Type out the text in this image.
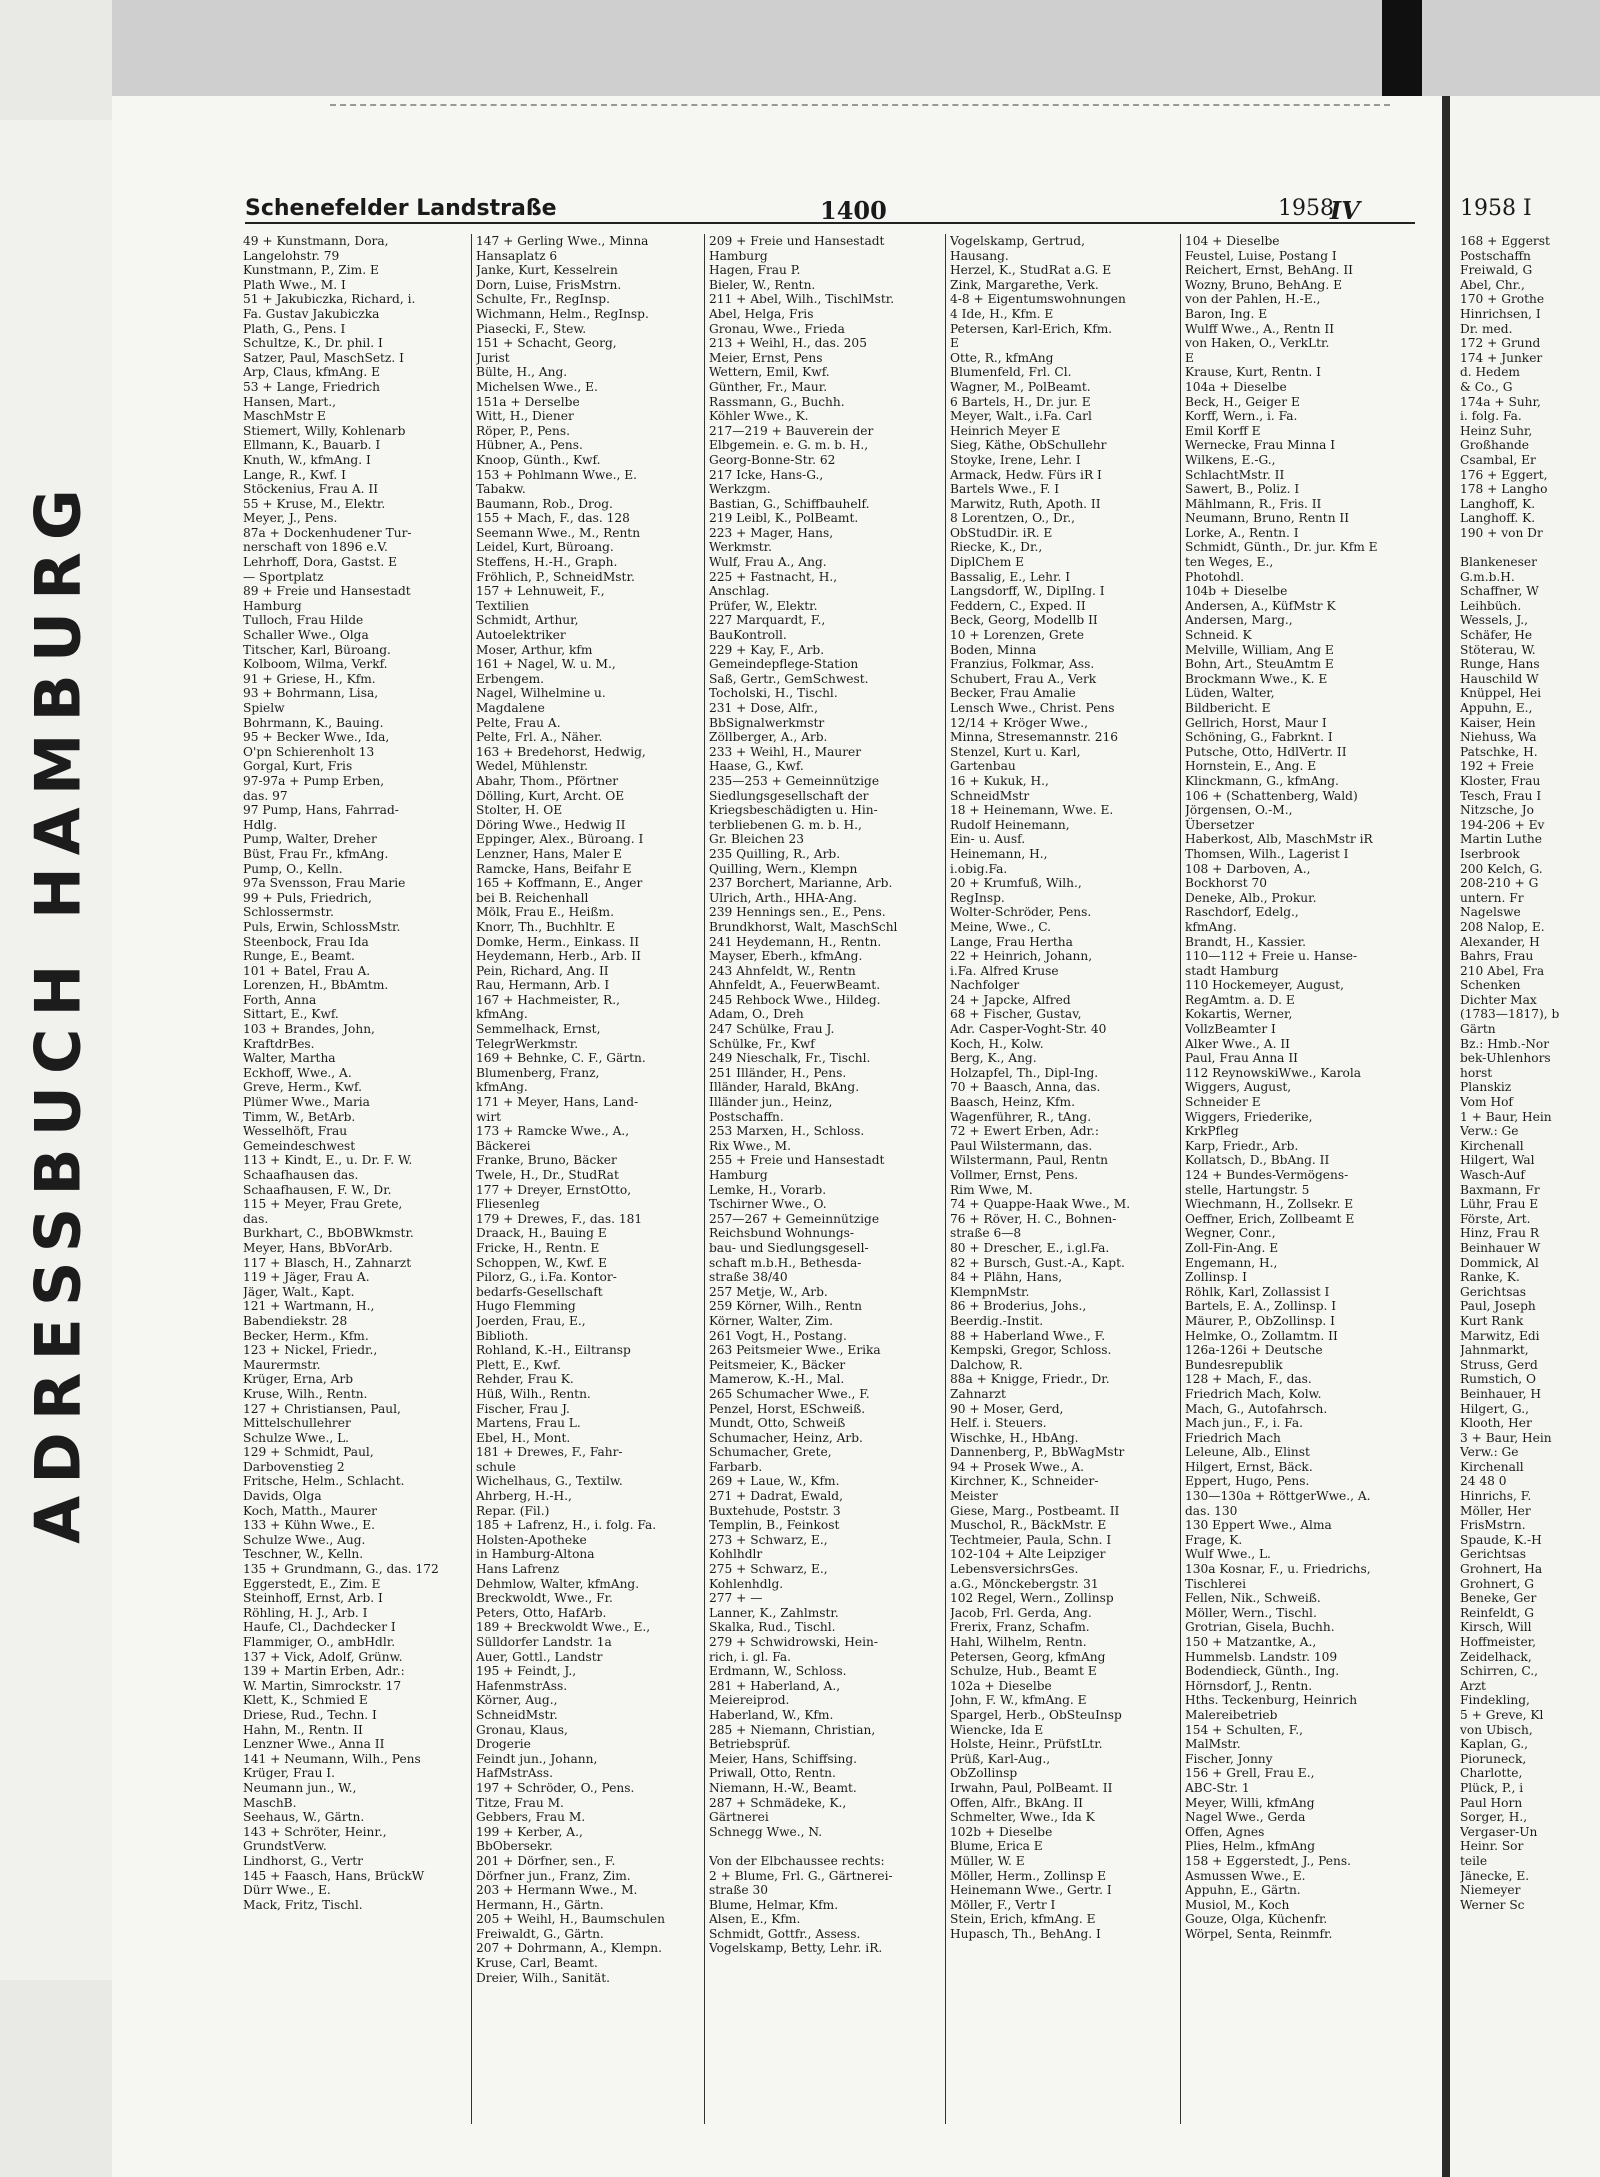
ADRESSBUCH HAMBURG
Schenefelder Landstraße	1400	1958
IV

49 + Kunstmann, Dora,

Langelohstr. 79

Kunstmann, P., Zim. E

Plath Wwe., M. I

51 + Jakubiczka, Richard, i.

Fa. Gustav Jakubiczka

Plath, G., Pens. I

Schultze, K., Dr. phil. I

Satzer, Paul, MaschSetz. I

Arp, Claus, kfmAng. E

53 + Lange, Friedrich

Hansen, Mart.,

MaschMstr E

Stiemert, Willy, Kohlenarb

Ellmann, K., Bauarb. I

Knuth, W., kfmAng. I

Lange, R., Kwf. I

Stöckenius, Frau A. II

55 + Kruse, M., Elektr.

Meyer, J., Pens.

87a + Dockenhudener Tur-

nerschaft von 1896 e.V.

Lehrhoff, Dora, Gastst. E

— Sportplatz

89 + Freie und Hansestadt

Hamburg

Tulloch, Frau Hilde

Schaller Wwe., Olga

Titscher, Karl, Büroang.

Kolboom, Wilma, Verkf.

91 + Griese, H., Kfm.

93 + Bohrmann, Lisa,

Spielw

Bohrmann, K., Bauing.

95 + Becker Wwe., Ida,

O'pn Schierenholt 13

Gorgal, Kurt, Fris

97-97a + Pump Erben,

das. 97

97 Pump, Hans, Fahrrad-

Hdlg.

Pump, Walter, Dreher

Büst, Frau Fr., kfmAng.

Pump, O., Kelln.

97a Svensson, Frau Marie

99 + Puls, Friedrich,

Schlossermstr.

Puls, Erwin, SchlossMstr.

Steenbock, Frau Ida

Runge, E., Beamt.

101 + Batel, Frau A.

Lorenzen, H., BbAmtm.

Forth, Anna

Sittart, E., Kwf.

103 + Brandes, John,

KraftdrBes.

Walter, Martha

Eckhoff, Wwe., A.

Greve, Herm., Kwf.

Plümer Wwe., Maria

Timm, W., BetArb.

Wesselhöft, Frau

Gemeindeschwest

113 + Kindt, E., u. Dr. F. W.

Schaafhausen das.

Schaafhausen, F. W., Dr.

115 + Meyer, Frau Grete,

das.

Burkhart, C., BbOBWkmstr.

Meyer, Hans, BbVorArb.

117 + Blasch, H., Zahnarzt

119 + Jäger, Frau A.

Jäger, Walt., Kapt.

121 + Wartmann, H.,

Babendiekstr. 28

Becker, Herm., Kfm.

123 + Nickel, Friedr.,

Maurermstr.

Krüger, Erna, Arb

Kruse, Wilh., Rentn.

127 + Christiansen, Paul,

Mittelschullehrer

Schulze Wwe., L.

129 + Schmidt, Paul,

Darbovenstieg 2

Fritsche, Helm., Schlacht.

Davids, Olga

Koch, Matth., Maurer

133 + Kühn Wwe., E.

Schulze Wwe., Aug.

Teschner, W., Kelln.

135 + Grundmann, G., das. 172

Eggerstedt, E., Zim. E

Steinhoff, Ernst, Arb. I

Röhling, H. J., Arb. I

Haufe, Cl., Dachdecker I

Flammiger, O., ambHdlr.

137 + Vick, Adolf, Grünw.

139 + Martin Erben, Adr.:

W. Martin, Simrockstr. 17

Klett, K., Schmied E

Driese, Rud., Techn. I

Hahn, M., Rentn. II

Lenzner Wwe., Anna II

141 + Neumann, Wilh., Pens

Krüger, Frau I.

Neumann jun., W.,

MaschB.

Seehaus, W., Gärtn.

143 + Schröter, Heinr.,

GrundstVerw.

Lindhorst, G., Vertr

145 + Faasch, Hans, BrückW

Dürr Wwe., E.

Mack, Fritz, Tischl.

147 + Gerling Wwe., Minna

Hansaplatz 6

Janke, Kurt, Kesselrein

Dorn, Luise, FrisMstrn.

Schulte, Fr., RegInsp.

Wichmann, Helm., RegInsp.

Piasecki, F., Stew.

151 + Schacht, Georg,

Jurist

Bülte, H., Ang.

Michelsen Wwe., E.

151a + Derselbe

Witt, H., Diener

Röper, P., Pens.

Hübner, A., Pens.

Knoop, Günth., Kwf.

153 + Pohlmann Wwe., E.

Tabakw.

Baumann, Rob., Drog.

155 + Mach, F., das. 128

Seemann Wwe., M., Rentn

Leidel, Kurt, Büroang.

Steffens, H.-H., Graph.

Fröhlich, P., SchneidMstr.

157 + Lehnuweit, F.,

Textilien

Schmidt, Arthur,

Autoelektriker

Moser, Arthur, kfm

161 + Nagel, W. u. M.,

Erbengem.

Nagel, Wilhelmine u.

Magdalene

Pelte, Frau A.

Pelte, Frl. A., Näher.

163 + Bredehorst, Hedwig,

Wedel, Mühlenstr.

Abahr, Thom., Pförtner

Dölling, Kurt, Archt. OE

Stolter, H. OE

Döring Wwe., Hedwig II

Eppinger, Alex., Büroang. I

Lenzner, Hans, Maler E

Ramcke, Hans, Beifahr E

165 + Koffmann, E., Anger

bei B. Reichenhall

Mölk, Frau E., Heißm.

Knorr, Th., Buchhltr. E

Domke, Herm., Einkass. II

Heydemann, Herb., Arb. II

Pein, Richard, Ang. II

Rau, Hermann, Arb. I

167 + Hachmeister, R.,

kfmAng.

Semmelhack, Ernst,

TelegrWerkmstr.

169 + Behnke, C. F., Gärtn.

Blumenberg, Franz,

kfmAng.

171 + Meyer, Hans, Land-

wirt

173 + Ramcke Wwe., A.,

Bäckerei

Franke, Bruno, Bäcker

Twele, H., Dr., StudRat

177 + Dreyer, ErnstOtto,

Fliesenleg

179 + Drewes, F., das. 181

Draack, H., Bauing E

Fricke, H., Rentn. E

Schoppen, W., Kwf. E

Pilorz, G., i.Fa. Kontor-

bedarfs-Gesellschaft

Hugo Flemming

Joerden, Frau, E.,

Biblioth.

Rohland, K.-H., Eiltransp

Plett, E., Kwf.

Rehder, Frau K.

Hüß, Wilh., Rentn.

Fischer, Frau J.

Martens, Frau L.

Ebel, H., Mont.

181 + Drewes, F., Fahr-

schule

Wichelhaus, G., Textilw.

Ahrberg, H.-H.,

Repar. (Fil.)

185 + Lafrenz, H., i. folg. Fa.

Holsten-Apotheke

in Hamburg-Altona

Hans Lafrenz

Dehmlow, Walter, kfmAng.

Breckwoldt, Wwe., Fr.

Peters, Otto, HafArb.

189 + Breckwoldt Wwe., E.,

Sülldorfer Landstr. 1a

Auer, Gottl., Landstr

195 + Feindt, J.,

HafenmstrAss.

Körner, Aug.,

SchneidMstr.

Gronau, Klaus,

Drogerie

Feindt jun., Johann,

HafMstrAss.

197 + Schröder, O., Pens.

Titze, Frau M.

Gebbers, Frau M.

199 + Kerber, A.,

BbObersekr.

201 + Dörfner, sen., F.

Dörfner jun., Franz, Zim.

203 + Hermann Wwe., M.

Hermann, H., Gärtn.

205 + Weihl, H., Baumschulen

Freiwaldt, G., Gärtn.

207 + Dohrmann, A., Klempn.

Kruse, Carl, Beamt.

Dreier, Wilh., Sanität.

209 + Freie und Hansestadt

Hamburg

Hagen, Frau P.

Bieler, W., Rentn.

211 + Abel, Wilh., TischlMstr.

Abel, Helga, Fris

Gronau, Wwe., Frieda

213 + Weihl, H., das. 205

Meier, Ernst, Pens

Wettern, Emil, Kwf.

Günther, Fr., Maur.

Rassmann, G., Buchh.

Köhler Wwe., K.

217—219 + Bauverein der

Elbgemein. e. G. m. b. H.,

Georg-Bonne-Str. 62

217 Icke, Hans-G.,

Werkzgm.

Bastian, G., Schiffbauhelf.

219 Leibl, K., PolBeamt.

223 + Mager, Hans,

Werkmstr.

Wulf, Frau A., Ang.

225 + Fastnacht, H.,

Anschlag.

Prüfer, W., Elektr.

227 Marquardt, F.,

BauKontroll.

229 + Kay, F., Arb.

Gemeindepflege-Station

Saß, Gertr., GemSchwest.

Tocholski, H., Tischl.

231 + Dose, Alfr.,

BbSignalwerkmstr

Zöllberger, A., Arb.

233 + Weihl, H., Maurer

Haase, G., Kwf.

235—253 + Gemeinnützige

Siedlungsgesellschaft der

Kriegsbeschädigten u. Hin-

terbliebenen G. m. b. H.,

Gr. Bleichen 23

235 Quilling, R., Arb.

Quilling, Wern., Klempn

237 Borchert, Marianne, Arb.

Ulrich, Arth., HHA-Ang.

239 Hennings sen., E., Pens.

Brundkhorst, Walt, MaschSchl

241 Heydemann, H., Rentn.

Mayser, Eberh., kfmAng.

243 Ahnfeldt, W., Rentn

Ahnfeldt, A., FeuerwBeamt.

245 Rehbock Wwe., Hildeg.

Adam, O., Dreh

247 Schülke, Frau J.

Schülke, Fr., Kwf

249 Nieschalk, Fr., Tischl.

251 Illänder, H., Pens.

Illänder, Harald, BkAng.

Illänder jun., Heinz,

Postschaffn.

253 Marxen, H., Schloss.

Rix Wwe., M.

255 + Freie und Hansestadt

Hamburg

Lemke, H., Vorarb.

Tschirner Wwe., O.

257—267 + Gemeinnützige

Reichsbund Wohnungs-

bau- und Siedlungsgesell-

schaft m.b.H., Bethesda-

straße 38/40

257 Metje, W., Arb.

259 Körner, Wilh., Rentn

Körner, Walter, Zim.

261 Vogt, H., Postang.

263 Peitsmeier Wwe., Erika

Peitsmeier, K., Bäcker

Mamerow, K.-H., Mal.

265 Schumacher Wwe., F.

Penzel, Horst, ESchweiß.

Mundt, Otto, Schweiß

Schumacher, Heinz, Arb.

Schumacher, Grete,

Farbarb.

269 + Laue, W., Kfm.

271 + Dadrat, Ewald,

Buxtehude, Poststr. 3

Templin, B., Feinkost

273 + Schwarz, E.,

Kohlhdlr

275 + Schwarz, E.,

Kohlenhdlg.

277 + —

Lanner, K., Zahlmstr.

Skalka, Rud., Tischl.

279 + Schwidrowski, Hein-

rich, i. gl. Fa.

Erdmann, W., Schloss.

281 + Haberland, A.,

Meiereiprod.

Haberland, W., Kfm.

285 + Niemann, Christian,

Betriebsprüf.

Meier, Hans, Schiffsing.

Priwall, Otto, Rentn.

Niemann, H.-W., Beamt.

287 + Schmädeke, K.,

Gärtnerei

Schnegg Wwe., N.

Von der Elbchaussee rechts:

2 + Blume, Frl. G., Gärtnerei-

straße 30

Blume, Helmar, Kfm.

Alsen, E., Kfm.

Schmidt, Gottfr., Assess.

Vogelskamp, Betty, Lehr. iR.

Vogelskamp, Gertrud,

Hausang.

Herzel, K., StudRat a.G. E

Zink, Margarethe, Verk.

4-8 + Eigentumswohnungen

4 Ide, H., Kfm. E

Petersen, Karl-Erich, Kfm.

E

Otte, R., kfmAng

Blumenfeld, Frl. Cl.

Wagner, M., PolBeamt.

6 Bartels, H., Dr. jur. E

Meyer, Walt., i.Fa. Carl

Heinrich Meyer E

Sieg, Käthe, ObSchullehr

Stoyke, Irene, Lehr. I

Armack, Hedw. Fürs iR I

Bartels Wwe., F. I

Marwitz, Ruth, Apoth. II

8 Lorentzen, O., Dr.,

ObStudDir. iR. E

Riecke, K., Dr.,

DiplChem E

Bassalig, E., Lehr. I

Langsdorff, W., DiplIng. I

Feddern, C., Exped. II

Beck, Georg, Modellb II

10 + Lorenzen, Grete

Boden, Minna

Franzius, Folkmar, Ass.

Schubert, Frau A., Verk

Becker, Frau Amalie

Lensch Wwe., Christ. Pens

12/14 + Kröger Wwe.,

Minna, Stresemannstr. 216

Stenzel, Kurt u. Karl,

Gartenbau

16 + Kukuk, H.,

SchneidMstr

18 + Heinemann, Wwe. E.

Rudolf Heinemann,

Ein- u. Ausf.

Heinemann, H.,

i.obig.Fa.

20 + Krumfuß, Wilh.,

RegInsp.

Wolter-Schröder, Pens.

Meine, Wwe., C.

Lange, Frau Hertha

22 + Heinrich, Johann,

i.Fa. Alfred Kruse

Nachfolger

24 + Japcke, Alfred

68 + Fischer, Gustav,

Adr. Casper-Voght-Str. 40

Koch, H., Kolw.

Berg, K., Ang.

Holzapfel, Th., Dipl-Ing.

70 + Baasch, Anna, das.

Baasch, Heinz, Kfm.

Wagenführer, R., tAng.

72 + Ewert Erben, Adr.:

Paul Wilstermann, das.

Wilstermann, Paul, Rentn

Vollmer, Ernst, Pens.

Rim Wwe, M.

74 + Quappe-Haak Wwe., M.

76 + Röver, H. C., Bohnen-

straße 6—8

80 + Drescher, E., i.gl.Fa.

82 + Bursch, Gust.-A., Kapt.

84 + Plähn, Hans,

KlempnMstr.

86 + Broderius, Johs.,

Beerdig.-Instit.

88 + Haberland Wwe., F.

Kempski, Gregor, Schloss.

Dalchow, R.

88a + Knigge, Friedr., Dr.

Zahnarzt

90 + Moser, Gerd,

Helf. i. Steuers.

Wischke, H., HbAng.

Dannenberg, P., BbWagMstr

94 + Prosek Wwe., A.

Kirchner, K., Schneider-

Meister

Giese, Marg., Postbeamt. II

Muschol, R., BäckMstr. E

Techtmeier, Paula, Schn. I

102-104 + Alte Leipziger

LebensversichrsGes.

a.G., Mönckebergstr. 31

102 Regel, Wern., Zollinsp

Jacob, Frl. Gerda, Ang.

Frerix, Franz, Schafm.

Hahl, Wilhelm, Rentn.

Petersen, Georg, kfmAng

Schulze, Hub., Beamt E

102a + Dieselbe

John, F. W., kfmAng. E

Spargel, Herb., ObSteuInsp

Wiencke, Ida E

Holste, Heinr., PrüfstLtr.

Prüß, Karl-Aug.,

ObZollinsp

Irwahn, Paul, PolBeamt. II

Offen, Alfr., BkAng. II

Schmelter, Wwe., Ida K

102b + Dieselbe

Blume, Erica E

Müller, W. E

Möller, Herm., Zollinsp E

Heinemann Wwe., Gertr. I

Möller, F., Vertr I

Stein, Erich, kfmAng. E

Hupasch, Th., BehAng. I

104 + Dieselbe

Feustel, Luise, Postang I

Reichert, Ernst, BehAng. II

Wozny, Bruno, BehAng. E

von der Pahlen, H.-E.,

Baron, Ing. E

Wulff Wwe., A., Rentn II

von Haken, O., VerkLtr.

E

Krause, Kurt, Rentn. I

104a + Dieselbe

Beck, H., Geiger E

Korff, Wern., i. Fa.

Emil Korff E

Wernecke, Frau Minna I

Wilkens, E.-G.,

SchlachtMstr. II

Sawert, B., Poliz. I

Mählmann, R., Fris. II

Neumann, Bruno, Rentn II

Lorke, A., Rentn. I

Schmidt, Günth., Dr. jur. Kfm E

ten Weges, E.,

Photohdl.

104b + Dieselbe

Andersen, A., KüfMstr K

Andersen, Marg.,

Schneid. K

Melville, William, Ang E

Bohn, Art., SteuAmtm E

Brockmann Wwe., K. E

Lüden, Walter,

Bildbericht. E

Gellrich, Horst, Maur I

Schöning, G., Fabrknt. I

Putsche, Otto, HdlVertr. II

Hornstein, E., Ang. E

Klinckmann, G., kfmAng.

106 + (Schattenberg, Wald)

Jörgensen, O.-M.,

Übersetzer

Haberkost, Alb, MaschMstr iR

Thomsen, Wilh., Lagerist I

108 + Darboven, A.,

Bockhorst 70

Deneke, Alb., Prokur.

Raschdorf, Edelg.,

kfmAng.

Brandt, H., Kassier.

110—112 + Freie u. Hanse-

stadt Hamburg

110 Hockemeyer, August,

RegAmtm. a. D. E

Kokartis, Werner,

VollzBeamter I

Alker Wwe., A. II

Paul, Frau Anna II

112 ReynowskiWwe., Karola

Wiggers, August,

Schneider E

Wiggers, Friederike,

KrkPfleg

Karp, Friedr., Arb.

Kollatsch, D., BbAng. II

124 + Bundes-Vermögens-

stelle, Hartungstr. 5

Wiechmann, H., Zollsekr. E

Oeffner, Erich, Zollbeamt E

Wegner, Conr.,

Zoll-Fin-Ang. E

Engemann, H.,

Zollinsp. I

Röhlk, Karl, Zollassist I

Bartels, E. A., Zollinsp. I

Mäurer, P., ObZollinsp. I

Helmke, O., Zollamtm. II

126a-126i + Deutsche

Bundesrepublik

128 + Mach, F., das.

Friedrich Mach, Kolw.

Mach, G., Autofahrsch.

Mach jun., F., i. Fa.

Friedrich Mach

Leleune, Alb., Elinst

Hilgert, Ernst, Bäck.

Eppert, Hugo, Pens.

130—130a + RöttgerWwe., A.

das. 130

130 Eppert Wwe., Alma

Frage, K.

Wulf Wwe., L.

130a Kosnar, F., u. Friedrichs,

Tischlerei

Fellen, Nik., Schweiß.

Möller, Wern., Tischl.

Grotrian, Gisela, Buchh.

150 + Matzantke, A.,

Hummelsb. Landstr. 109

Bodendieck, Günth., Ing.

Hörnsdorf, J., Rentn.

Hths. Teckenburg, Heinrich

Malereibetrieb

154 + Schulten, F.,

MalMstr.

Fischer, Jonny

156 + Grell, Frau E.,

ABC-Str. 1

Meyer, Willi, kfmAng

Nagel Wwe., Gerda

Offen, Agnes

Plies, Helm., kfmAng

158 + Eggerstedt, J., Pens.

Asmussen Wwe., E.

Appuhn, E., Gärtn.

Musiol, M., Koch

Gouze, Olga, Küchenfr.

Wörpel, Senta, Reinmfr.

1958 I

168 + Eggerst

Postschaffn

Freiwald, G

Abel, Chr.,

170 + Grothe

Hinrichsen, I

Dr. med.

172 + Grund

174 + Junker

d. Hedem

& Co., G

174a + Suhr,

i. folg. Fa.

Heinz Suhr,

Großhande

Csambal, Er

176 + Eggert,

178 + Langho

Langhoff, K.

Langhoff. K.

190 + von Dr

Blankeneser

G.m.b.H.

Schaffner, W

Leihbüch.

Wessels, J.,

Schäfer, He

Stöterau, W.

Runge, Hans

Hauschild W

Knüppel, Hei

Appuhn, E.,

Kaiser, Hein

Niehuss, Wa

Patschke, H.

192 + Freie

Kloster, Frau

Tesch, Frau I

Nitzsche, Jo

194-206 + Ev

Martin Luthe

Iserbrook

200 Kelch, G.

208-210 + G

untern. Fr

Nagelswe

208 Nalop, E.

Alexander, H

Bahrs, Frau

210 Abel, Fra

Schenken

Dichter Max

(1783—1817), b

Gärtn

Bz.: Hmb.-Nor

bek-Uhlenhors

horst

Planskiz

Vom Hof

1 + Baur, Hein

Verw.: Ge

Kirchenall

Hilgert, Wal

Wasch-Auf

Baxmann, Fr

Lühr, Frau E

Förste, Art.

Hinz, Frau R

Beinhauer W

Dommick, Al

Ranke, K.

Gerichtsas

Paul, Joseph

Kurt Rank

Marwitz, Edi

Jahnmarkt,

Struss, Gerd

Rumstich, O

Beinhauer, H

Hilgert, G.,

Klooth, Her

3 + Baur, Hein

Verw.: Ge

Kirchenall

24 48 0

Hinrichs, F.

Möller, Her

FrisMstrn.

Spaude, K.-H

Gerichtsas

Grohnert, Ha

Grohnert, G

Beneke, Ger

Reinfeldt, G

Kirsch, Will

Hoffmeister,

Zeidelhack,

Schirren, C.,

Arzt

Findekling,

5 + Greve, Kl

von Ubisch,

Kaplan, G.,

Pioruneck,

Charlotte,

Plück, P., i

Paul Horn

Sorger, H.,

Vergaser-Un

Heinr. Sor

teile

Jänecke, E.

Niemeyer

Werner Sc
